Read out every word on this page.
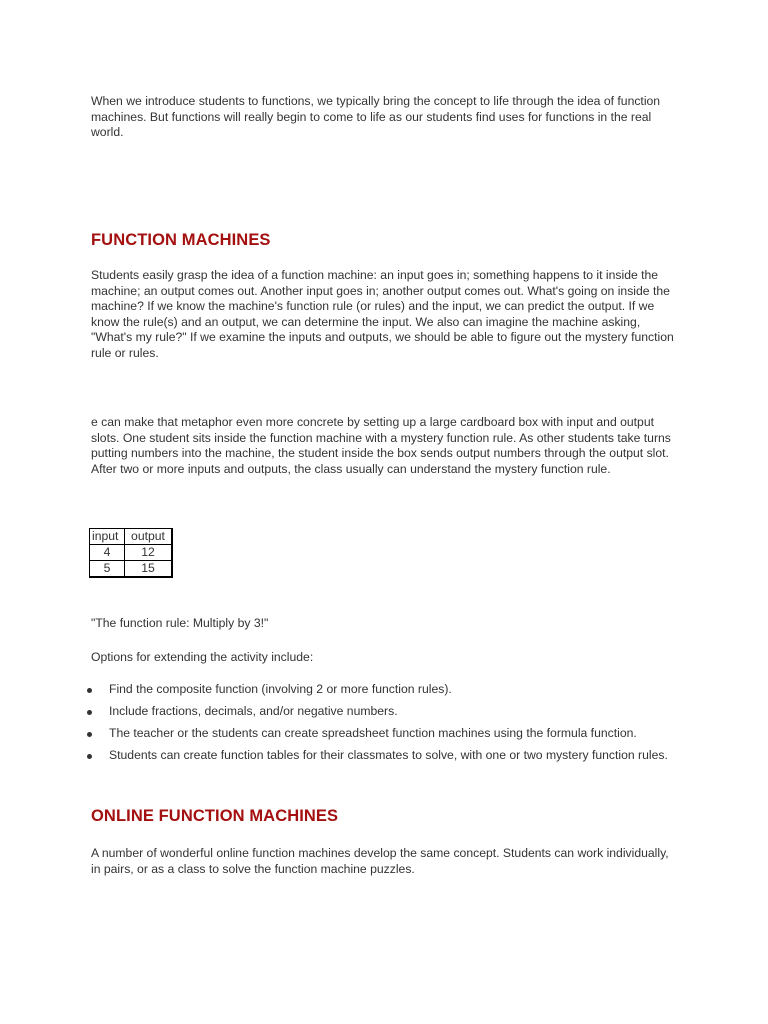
When we introduce students to functions, we typically bring the concept to life through the idea of function machines. But functions will really begin to come to life as our students find uses for functions in the real world.

FUNCTION MACHINES

Students easily grasp the idea of a function machine: an input goes in; something happens to it inside the machine; an output comes out. Another input goes in; another output comes out. What's going on inside the machine? If we know the machine's function rule (or rules) and the input, we can predict the output. If we know the rule(s) and an output, we can determine the input. We also can imagine the machine asking, "What's my rule?" If we examine the inputs and outputs, we should be able to figure out the mystery function rule or rules.

e can make that metaphor even more concrete by setting up a large cardboard box with input and output slots. One student sits inside the function machine with a mystery function rule. As other students take turns putting numbers into the machine, the student inside the box sends output numbers through the output slot. After two or more inputs and outputs, the class usually can understand the mystery function rule.

input	output
4	12
5	15

"The function rule: Multiply by 3!"

Options for extending the activity include:

Find the composite function (involving 2 or more function rules).
Include fractions, decimals, and/or negative numbers.
The teacher or the students can create spreadsheet function machines using the formula function.
Students can create function tables for their classmates to solve, with one or two mystery function rules.
ONLINE FUNCTION MACHINES

A number of wonderful online function machines develop the same concept. Students can work individually, in pairs, or as a class to solve the function machine puzzles.
